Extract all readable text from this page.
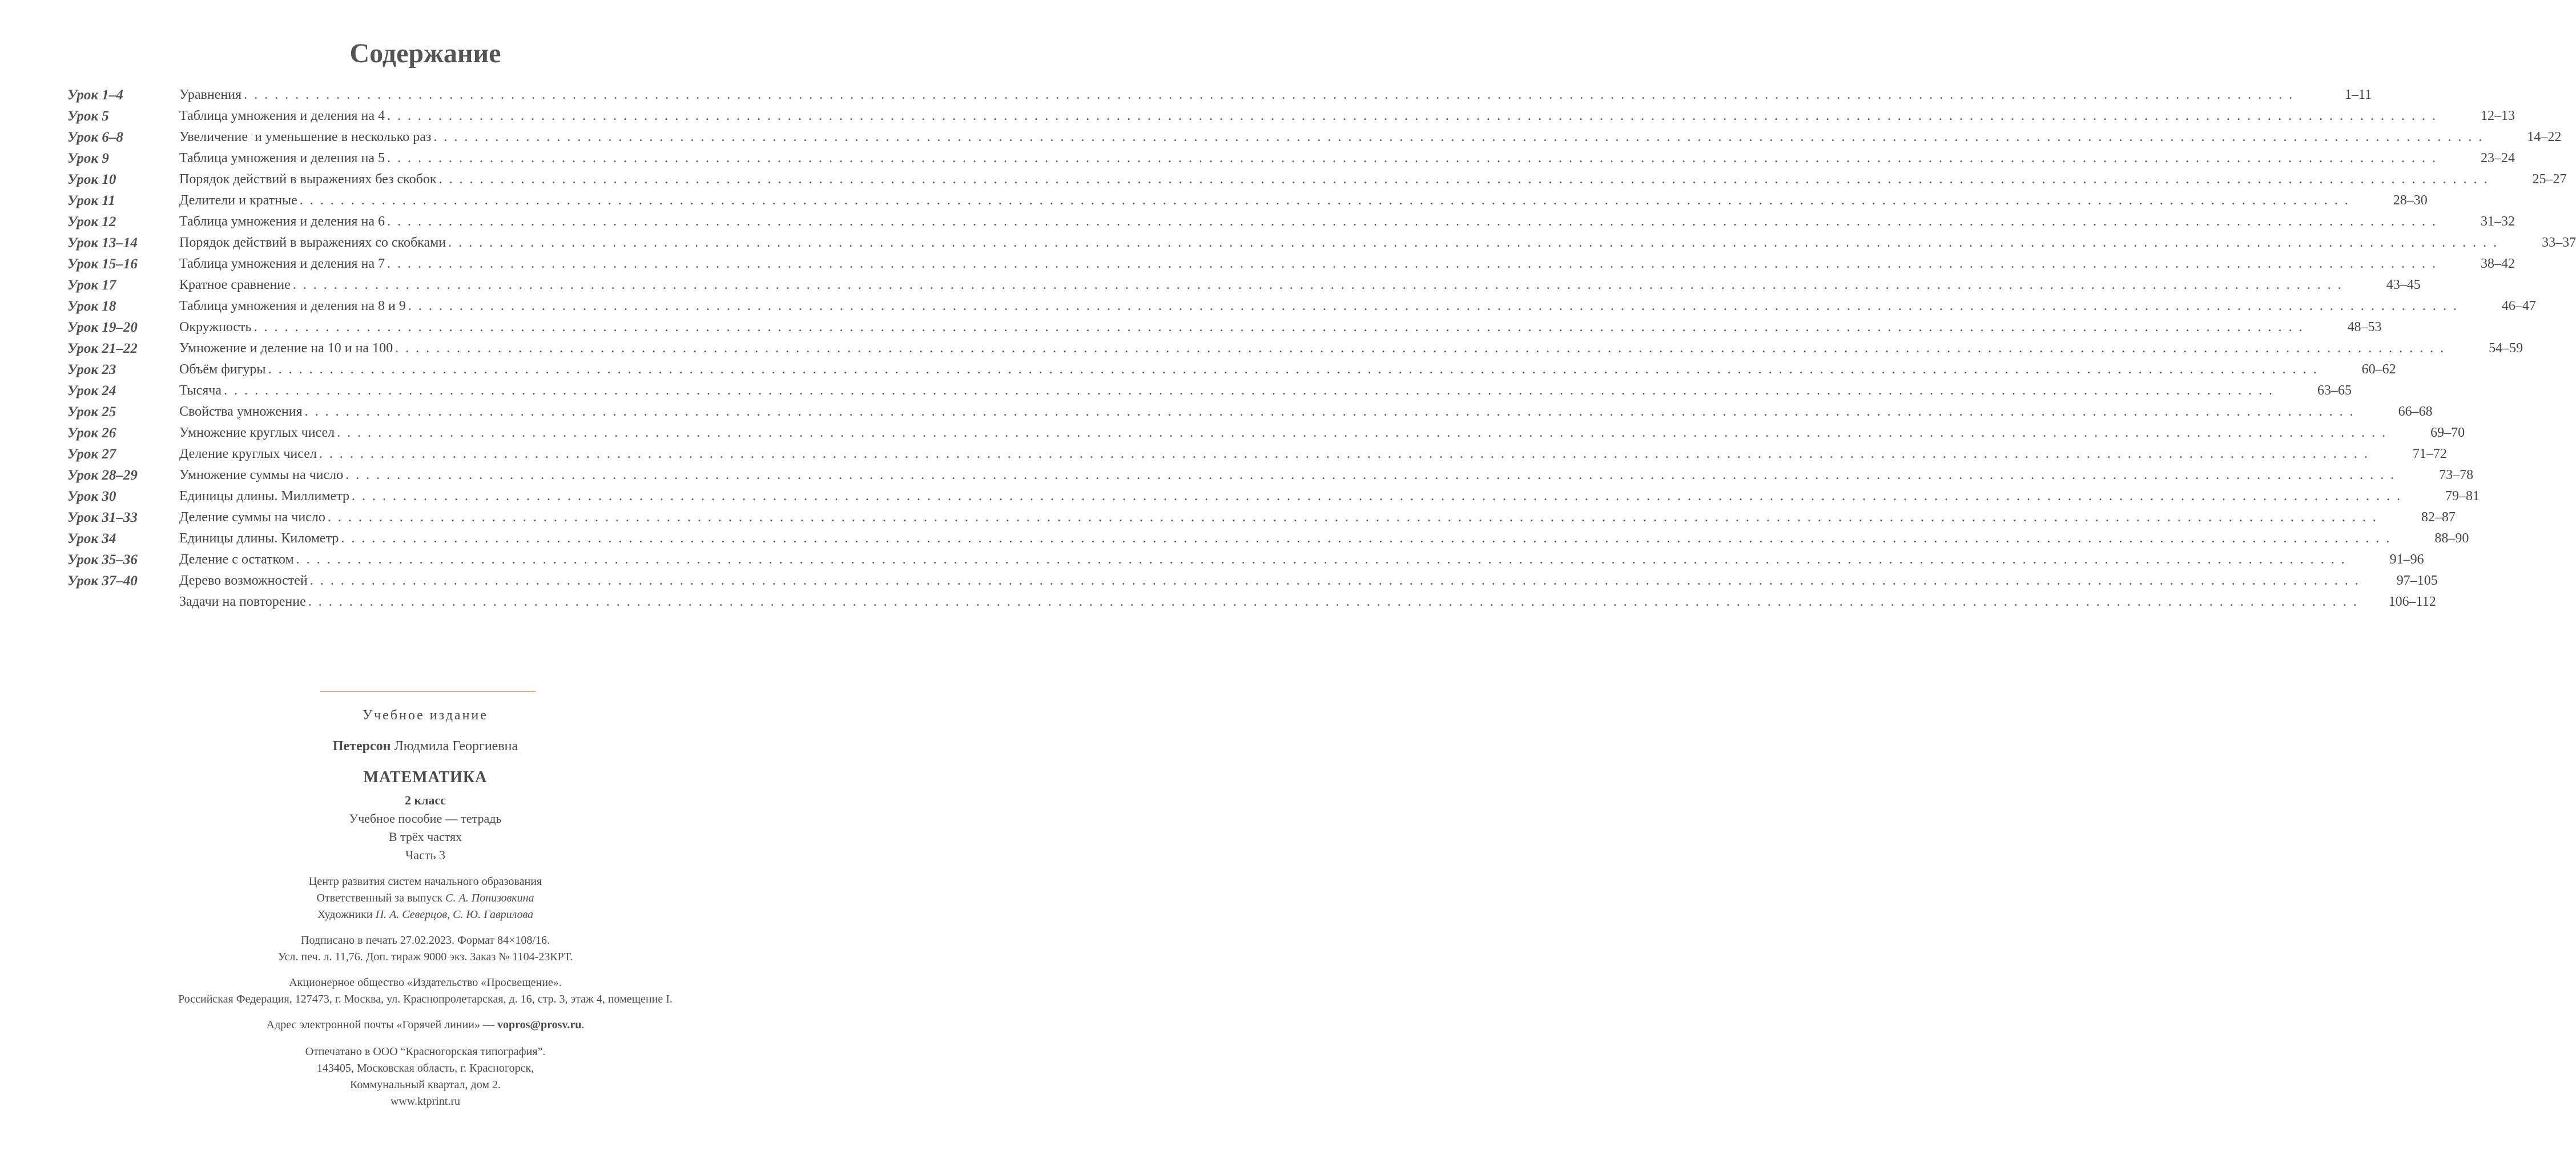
Содержание
Урок 1–4	Уравнения . . . . . . . . . . . . . . . . . . . . . . . . . . . . . . . . . . . . . . . . . . . . . . . . . . . . . . . . . . . . . . . . . . . . . . . . . . . . . . . . . . . . . . . . . . . . . . . . . . . . . . . . . . . . . . . . . . . . . . . . . . . . . . . . . . . . . . . . . . . . . . . . . . . . . . . . . . . . . . . . . . . . . . . . . . . . . . . . . . . . . . . . . . . . . . . . . . . . . . . .	1–11
Урок 5	Таблица умножения и деления на 4 . . . . . . . . . . . . . . . . . . . . . . . . . . . . . . . . . . . . . . . . . . . . . . . . . . . . . . . . . . . . . . . . . . . . . . . . . . . . . . . . . . . . . . . . . . . . . . . . . . . . . . . . . . . . . . . . . . . . . . . . . . . . . . . . . . . . . . . . . . . . . . . . . . . . . . . . . . . . . . . . . . . . . . . . . . . . . . . . . . . . . . . . . . . . . . . . . . . . . . . .	12–13
Урок 6–8	Увеличение  и уменьшение в несколько раз . . . . . . . . . . . . . . . . . . . . . . . . . . . . . . . . . . . . . . . . . . . . . . . . . . . . . . . . . . . . . . . . . . . . . . . . . . . . . . . . . . . . . . . . . . . . . . . . . . . . . . . . . . . . . . . . . . . . . . . . . . . . . . . . . . . . . . . . . . . . . . . . . . . . . . . . . . . . . . . . . . . . . . . . . . . . . . . . . . . . . . . . . . . . . . . . . . . . . . . .	14–22
Урок 9	Таблица умножения и деления на 5 . . . . . . . . . . . . . . . . . . . . . . . . . . . . . . . . . . . . . . . . . . . . . . . . . . . . . . . . . . . . . . . . . . . . . . . . . . . . . . . . . . . . . . . . . . . . . . . . . . . . . . . . . . . . . . . . . . . . . . . . . . . . . . . . . . . . . . . . . . . . . . . . . . . . . . . . . . . . . . . . . . . . . . . . . . . . . . . . . . . . . . . . . . . . . . . . . . . . . . . .	23–24
Урок 10	Порядок действий в выражениях без скобок . . . . . . . . . . . . . . . . . . . . . . . . . . . . . . . . . . . . . . . . . . . . . . . . . . . . . . . . . . . . . . . . . . . . . . . . . . . . . . . . . . . . . . . . . . . . . . . . . . . . . . . . . . . . . . . . . . . . . . . . . . . . . . . . . . . . . . . . . . . . . . . . . . . . . . . . . . . . . . . . . . . . . . . . . . . . . . . . . . . . . . . . . . . . . . . . . . . . . . . .	25–27
Урок 11	Делители и кратные . . . . . . . . . . . . . . . . . . . . . . . . . . . . . . . . . . . . . . . . . . . . . . . . . . . . . . . . . . . . . . . . . . . . . . . . . . . . . . . . . . . . . . . . . . . . . . . . . . . . . . . . . . . . . . . . . . . . . . . . . . . . . . . . . . . . . . . . . . . . . . . . . . . . . . . . . . . . . . . . . . . . . . . . . . . . . . . . . . . . . . . . . . . . . . . . . . . . . . . .	28–30
Урок 12	Таблица умножения и деления на 6 . . . . . . . . . . . . . . . . . . . . . . . . . . . . . . . . . . . . . . . . . . . . . . . . . . . . . . . . . . . . . . . . . . . . . . . . . . . . . . . . . . . . . . . . . . . . . . . . . . . . . . . . . . . . . . . . . . . . . . . . . . . . . . . . . . . . . . . . . . . . . . . . . . . . . . . . . . . . . . . . . . . . . . . . . . . . . . . . . . . . . . . . . . . . . . . . . . . . . . . .	31–32
Урок 13–14	Порядок действий в выражениях со скобками . . . . . . . . . . . . . . . . . . . . . . . . . . . . . . . . . . . . . . . . . . . . . . . . . . . . . . . . . . . . . . . . . . . . . . . . . . . . . . . . . . . . . . . . . . . . . . . . . . . . . . . . . . . . . . . . . . . . . . . . . . . . . . . . . . . . . . . . . . . . . . . . . . . . . . . . . . . . . . . . . . . . . . . . . . . . . . . . . . . . . . . . . . . . . . . . . . . . . . . .	33–37
Урок 15–16	Таблица умножения и деления на 7 . . . . . . . . . . . . . . . . . . . . . . . . . . . . . . . . . . . . . . . . . . . . . . . . . . . . . . . . . . . . . . . . . . . . . . . . . . . . . . . . . . . . . . . . . . . . . . . . . . . . . . . . . . . . . . . . . . . . . . . . . . . . . . . . . . . . . . . . . . . . . . . . . . . . . . . . . . . . . . . . . . . . . . . . . . . . . . . . . . . . . . . . . . . . . . . . . . . . . . . .	38–42
Урок 17	Кратное сравнение . . . . . . . . . . . . . . . . . . . . . . . . . . . . . . . . . . . . . . . . . . . . . . . . . . . . . . . . . . . . . . . . . . . . . . . . . . . . . . . . . . . . . . . . . . . . . . . . . . . . . . . . . . . . . . . . . . . . . . . . . . . . . . . . . . . . . . . . . . . . . . . . . . . . . . . . . . . . . . . . . . . . . . . . . . . . . . . . . . . . . . . . . . . . . . . . . . . . . . . .	43–45
Урок 18	Таблица умножения и деления на 8 и 9 . . . . . . . . . . . . . . . . . . . . . . . . . . . . . . . . . . . . . . . . . . . . . . . . . . . . . . . . . . . . . . . . . . . . . . . . . . . . . . . . . . . . . . . . . . . . . . . . . . . . . . . . . . . . . . . . . . . . . . . . . . . . . . . . . . . . . . . . . . . . . . . . . . . . . . . . . . . . . . . . . . . . . . . . . . . . . . . . . . . . . . . . . . . . . . . . . . . . . . . .	46–47
Урок 19–20	Окружность . . . . . . . . . . . . . . . . . . . . . . . . . . . . . . . . . . . . . . . . . . . . . . . . . . . . . . . . . . . . . . . . . . . . . . . . . . . . . . . . . . . . . . . . . . . . . . . . . . . . . . . . . . . . . . . . . . . . . . . . . . . . . . . . . . . . . . . . . . . . . . . . . . . . . . . . . . . . . . . . . . . . . . . . . . . . . . . . . . . . . . . . . . . . . . . . . . . . . . . .	48–53
Урок 21–22	Умножение и деление на 10 и на 100 . . . . . . . . . . . . . . . . . . . . . . . . . . . . . . . . . . . . . . . . . . . . . . . . . . . . . . . . . . . . . . . . . . . . . . . . . . . . . . . . . . . . . . . . . . . . . . . . . . . . . . . . . . . . . . . . . . . . . . . . . . . . . . . . . . . . . . . . . . . . . . . . . . . . . . . . . . . . . . . . . . . . . . . . . . . . . . . . . . . . . . . . . . . . . . . . . . . . . . . .	54–59
Урок 23	Объём фигуры . . . . . . . . . . . . . . . . . . . . . . . . . . . . . . . . . . . . . . . . . . . . . . . . . . . . . . . . . . . . . . . . . . . . . . . . . . . . . . . . . . . . . . . . . . . . . . . . . . . . . . . . . . . . . . . . . . . . . . . . . . . . . . . . . . . . . . . . . . . . . . . . . . . . . . . . . . . . . . . . . . . . . . . . . . . . . . . . . . . . . . . . . . . . . . . . . . . . . . . .	60–62
Урок 24	Тысяча . . . . . . . . . . . . . . . . . . . . . . . . . . . . . . . . . . . . . . . . . . . . . . . . . . . . . . . . . . . . . . . . . . . . . . . . . . . . . . . . . . . . . . . . . . . . . . . . . . . . . . . . . . . . . . . . . . . . . . . . . . . . . . . . . . . . . . . . . . . . . . . . . . . . . . . . . . . . . . . . . . . . . . . . . . . . . . . . . . . . . . . . . . . . . . . . . . . . . . . .	63–65
Урок 25	Свойства умножения . . . . . . . . . . . . . . . . . . . . . . . . . . . . . . . . . . . . . . . . . . . . . . . . . . . . . . . . . . . . . . . . . . . . . . . . . . . . . . . . . . . . . . . . . . . . . . . . . . . . . . . . . . . . . . . . . . . . . . . . . . . . . . . . . . . . . . . . . . . . . . . . . . . . . . . . . . . . . . . . . . . . . . . . . . . . . . . . . . . . . . . . . . . . . . . . . . . . . . . .	66–68
Урок 26	Умножение круглых чисел . . . . . . . . . . . . . . . . . . . . . . . . . . . . . . . . . . . . . . . . . . . . . . . . . . . . . . . . . . . . . . . . . . . . . . . . . . . . . . . . . . . . . . . . . . . . . . . . . . . . . . . . . . . . . . . . . . . . . . . . . . . . . . . . . . . . . . . . . . . . . . . . . . . . . . . . . . . . . . . . . . . . . . . . . . . . . . . . . . . . . . . . . . . . . . . . . . . . . . . .	69–70
Урок 27	Деление круглых чисел . . . . . . . . . . . . . . . . . . . . . . . . . . . . . . . . . . . . . . . . . . . . . . . . . . . . . . . . . . . . . . . . . . . . . . . . . . . . . . . . . . . . . . . . . . . . . . . . . . . . . . . . . . . . . . . . . . . . . . . . . . . . . . . . . . . . . . . . . . . . . . . . . . . . . . . . . . . . . . . . . . . . . . . . . . . . . . . . . . . . . . . . . . . . . . . . . . . . . . . .	71–72
Урок 28–29	Умножение суммы на число . . . . . . . . . . . . . . . . . . . . . . . . . . . . . . . . . . . . . . . . . . . . . . . . . . . . . . . . . . . . . . . . . . . . . . . . . . . . . . . . . . . . . . . . . . . . . . . . . . . . . . . . . . . . . . . . . . . . . . . . . . . . . . . . . . . . . . . . . . . . . . . . . . . . . . . . . . . . . . . . . . . . . . . . . . . . . . . . . . . . . . . . . . . . . . . . . . . . . . . .	73–78
Урок 30	Единицы длины. Миллиметр . . . . . . . . . . . . . . . . . . . . . . . . . . . . . . . . . . . . . . . . . . . . . . . . . . . . . . . . . . . . . . . . . . . . . . . . . . . . . . . . . . . . . . . . . . . . . . . . . . . . . . . . . . . . . . . . . . . . . . . . . . . . . . . . . . . . . . . . . . . . . . . . . . . . . . . . . . . . . . . . . . . . . . . . . . . . . . . . . . . . . . . . . . . . . . . . . . . . . . . .	79–81
Урок 31–33	Деление суммы на число . . . . . . . . . . . . . . . . . . . . . . . . . . . . . . . . . . . . . . . . . . . . . . . . . . . . . . . . . . . . . . . . . . . . . . . . . . . . . . . . . . . . . . . . . . . . . . . . . . . . . . . . . . . . . . . . . . . . . . . . . . . . . . . . . . . . . . . . . . . . . . . . . . . . . . . . . . . . . . . . . . . . . . . . . . . . . . . . . . . . . . . . . . . . . . . . . . . . . . . .	82–87
Урок 34	Единицы длины. Километр . . . . . . . . . . . . . . . . . . . . . . . . . . . . . . . . . . . . . . . . . . . . . . . . . . . . . . . . . . . . . . . . . . . . . . . . . . . . . . . . . . . . . . . . . . . . . . . . . . . . . . . . . . . . . . . . . . . . . . . . . . . . . . . . . . . . . . . . . . . . . . . . . . . . . . . . . . . . . . . . . . . . . . . . . . . . . . . . . . . . . . . . . . . . . . . . . . . . . . . .	88–90
Урок 35–36	Деление с остатком . . . . . . . . . . . . . . . . . . . . . . . . . . . . . . . . . . . . . . . . . . . . . . . . . . . . . . . . . . . . . . . . . . . . . . . . . . . . . . . . . . . . . . . . . . . . . . . . . . . . . . . . . . . . . . . . . . . . . . . . . . . . . . . . . . . . . . . . . . . . . . . . . . . . . . . . . . . . . . . . . . . . . . . . . . . . . . . . . . . . . . . . . . . . . . . . . . . . . . . .	91–96
Урок 37–40	Дерево возможностей . . . . . . . . . . . . . . . . . . . . . . . . . . . . . . . . . . . . . . . . . . . . . . . . . . . . . . . . . . . . . . . . . . . . . . . . . . . . . . . . . . . . . . . . . . . . . . . . . . . . . . . . . . . . . . . . . . . . . . . . . . . . . . . . . . . . . . . . . . . . . . . . . . . . . . . . . . . . . . . . . . . . . . . . . . . . . . . . . . . . . . . . . . . . . . . . . . . . . . . .	97–105
Задачи на повторение . . . . . . . . . . . . . . . . . . . . . . . . . . . . . . . . . . . . . . . . . . . . . . . . . . . . . . . . . . . . . . . . . . . . . . . . . . . . . . . . . . . . . . . . . . . . . . . . . . . . . . . . . . . . . . . . . . . . . . . . . . . . . . . . . . . . . . . . . . . . . . . . . . . . . . . . . . . . . . . . . . . . . . . . . . . . . . . . . . . . . . . . . . . . . . . . . . . . . . . .	106–112

Учебное издание

Петерсон Людмила Георгиевна

МАТЕМАТИКА

2 класс

Учебное пособие — тетрадь

В трёх частях

Часть 3

Центр развития систем начального образования

Ответственный за выпуск С. А. Понизовкина

Художники П. А. Северцов, С. Ю. Гаврилова

Подписано в печать 27.02.2023. Формат 84×108/16.

Усл. печ. л. 11,76. Доп. тираж 9000 экз. Заказ № 1104-23КРТ.

Акционерное общество «Издательство «Просвещение».

Российская Федерация, 127473, г. Москва, ул. Краснопролетарская, д. 16, стр. 3, этаж 4, помещение I.

Адрес электронной почты «Горячей линии» — vopros@prosv.ru.

Отпечатано в ООО “Красногорская типография”.

143405, Московская область, г. Красногорск,

Коммунальный квартал, дом 2.

www.ktprint.ru
